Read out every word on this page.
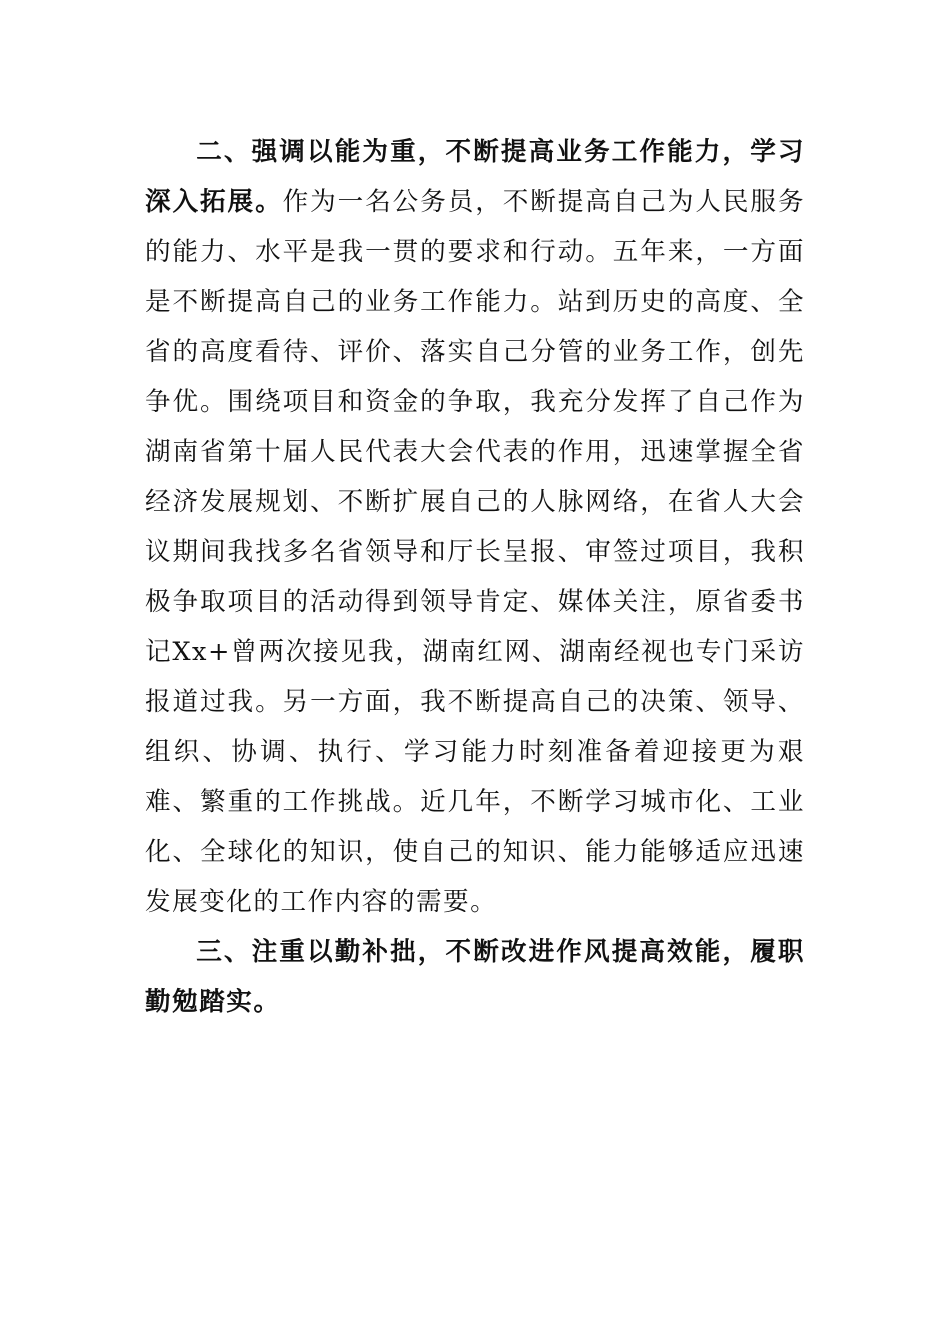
二、强调以能为重，不断提高业务工作能力，学习深入拓展。作为一名公务员，不断提高自己为人民服务的能力、水平是我一贯的要求和行动。五年来，一方面是不断提高自己的业务工作能力。站到历史的高度、全省的高度看待、评价、落实自己分管的业务工作，创先争优。围绕项目和资金的争取，我充分发挥了自己作为湖南省第十届人民代表大会代表的作用，迅速掌握全省经济发展规划、不断扩展自己的人脉网络，在省人大会议期间我找多名省领导和厅长呈报、审签过项目，我积极争取项目的活动得到领导肯定、媒体关注，原省委书记Xx+曾两次接见我，湖南红网、湖南经视也专门采访报道过我。另一方面，我不断提高自己的决策、领导、组织、协调、执行、学习能力时刻准备着迎接更为艰难、繁重的工作挑战。近几年，不断学习城市化、工业化、全球化的知识，使自己的知识、能力能够适应迅速发展变化的工作内容的需要。

三、注重以勤补拙，不断改进作风提高效能，履职勤勉踏实。
